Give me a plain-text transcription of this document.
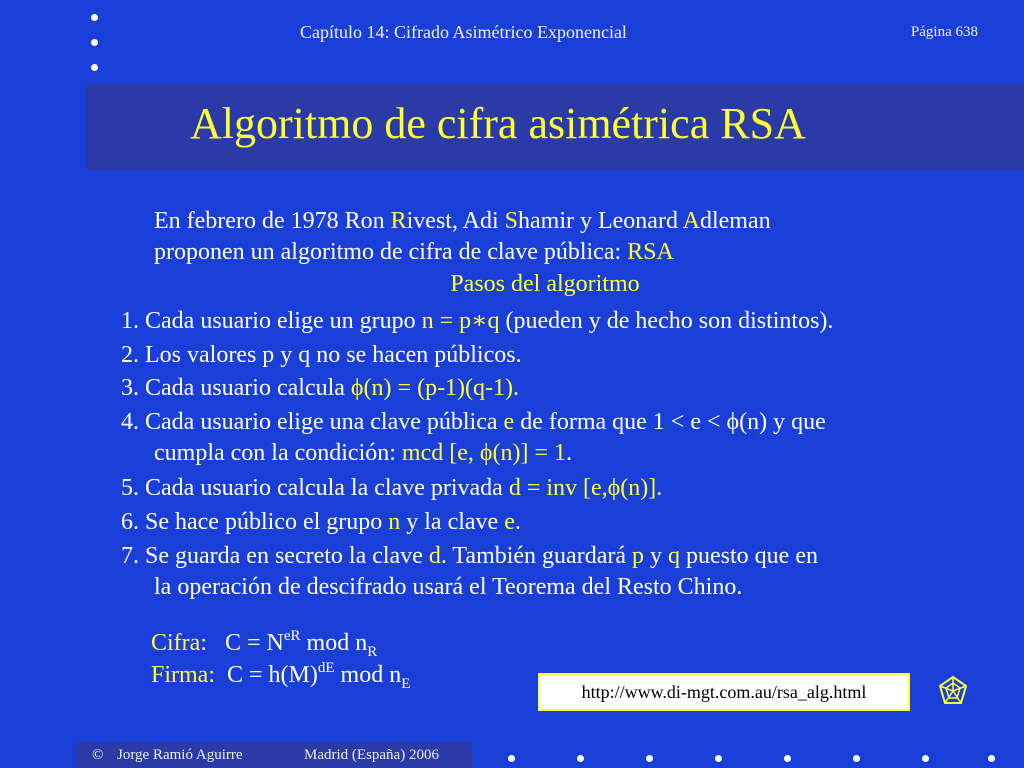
Capítulo 14: Cifrado Asimétrico Exponencial	Página 638
Algoritmo de cifra asimétrica RSA
En febrero de 1978 Ron Rivest, Adi Shamir y Leonard Adleman
proponen un algoritmo de cifra de clave pública: RSA
Pasos del algoritmo
1. Cada usuario elige un grupo n = p∗q (pueden y de hecho son distintos).
2. Los valores p y q no se hacen públicos.
3. Cada usuario calcula ϕ(n) = (p-1)(q-1).
4. Cada usuario elige una clave pública e de forma que 1 < e < ϕ(n) y que
cumpla con la condición: mcd [e, ϕ(n)] = 1.
5. Cada usuario calcula la clave privada d = inv [e,ϕ(n)].
6. Se hace público el grupo n y la clave e.
7. Se guarda en secreto la clave d. También guardará p y q puesto que en
la operación de descifrado usará el Teorema del Resto Chino.
Cifra: $C = N^{eR}$ mod $n_R$
Firma: $C = h(M)^{dE}$ mod $n_E$	http://www.di-mgt.com.au/rsa_alg.html
© Jorge Ramió Aguirre	Madrid (España) 2006
